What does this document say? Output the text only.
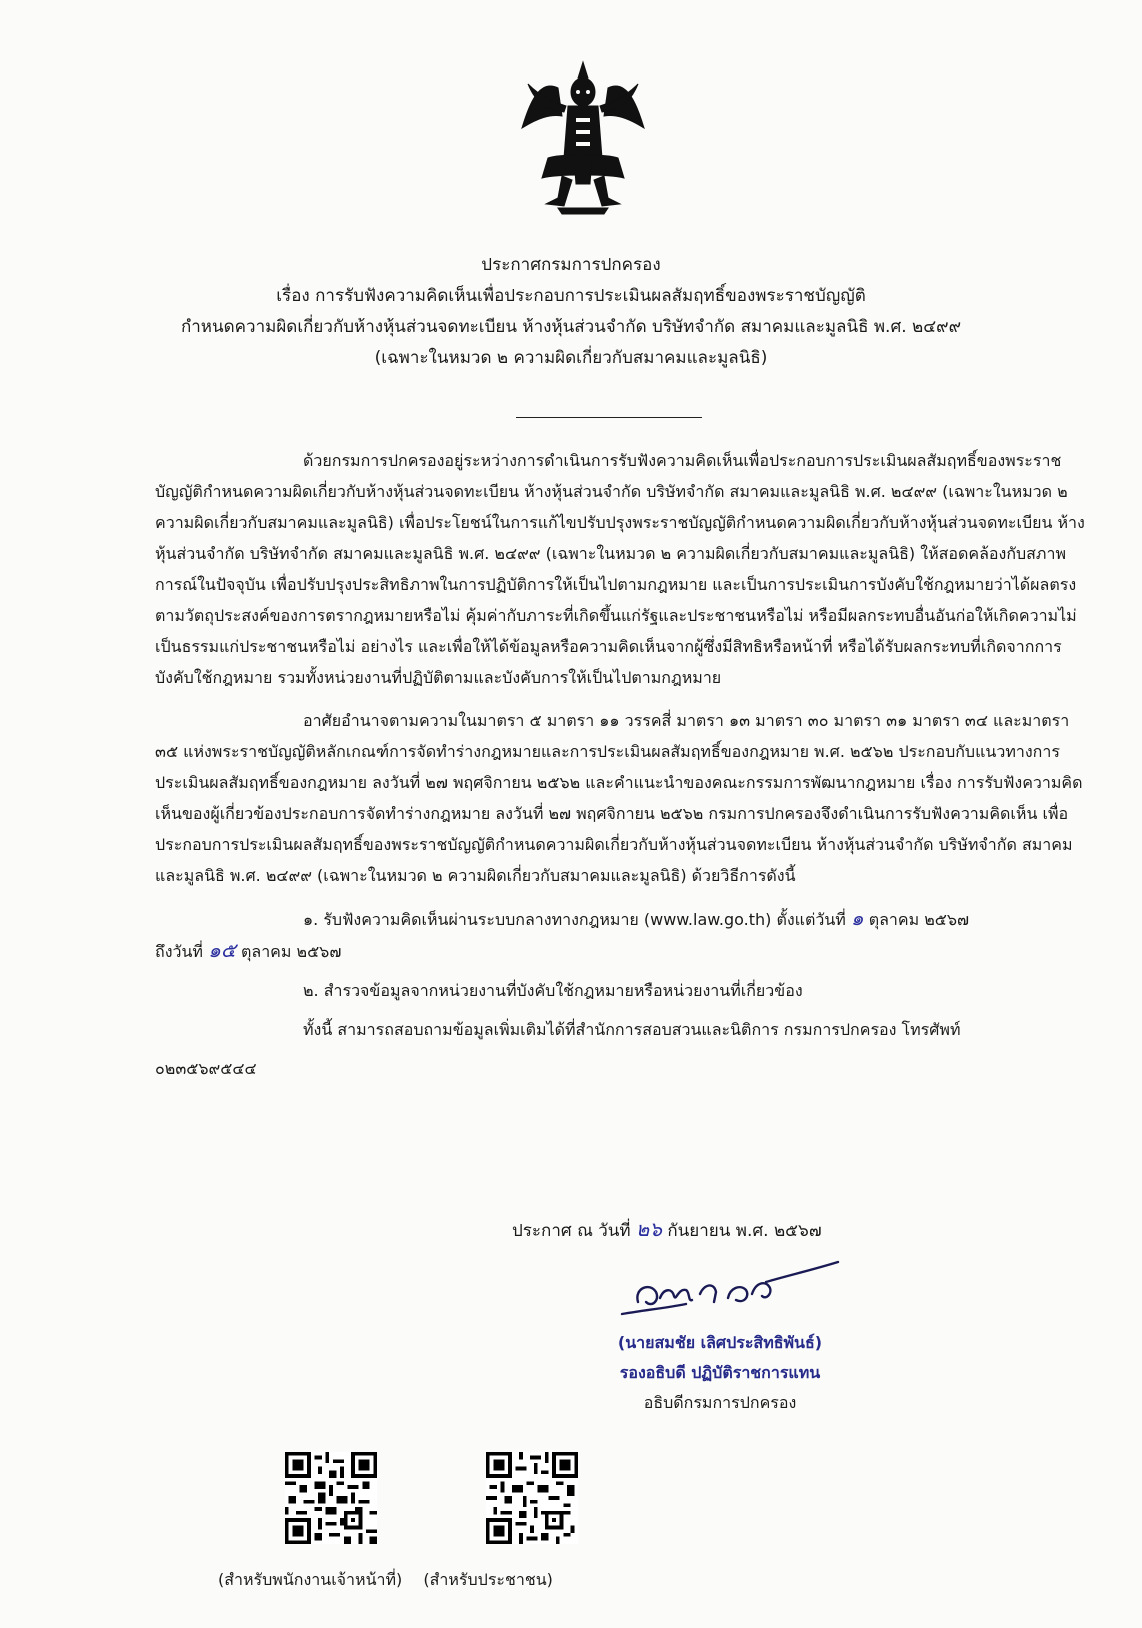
ประกาศกรมการปกครอง
เรื่อง การรับฟังความคิดเห็นเพื่อประกอบการประเมินผลสัมฤทธิ์ของพระราชบัญญัติ
กำหนดความผิดเกี่ยวกับห้างหุ้นส่วนจดทะเบียน ห้างหุ้นส่วนจำกัด บริษัทจำกัด สมาคมและมูลนิธิ พ.ศ. ๒๔๙๙
(เฉพาะในหมวด ๒ ความผิดเกี่ยวกับสมาคมและมูลนิธิ)

ด้วยกรมการปกครองอยู่ระหว่างการดำเนินการรับฟังความคิดเห็นเพื่อประกอบการประเมินผลสัมฤทธิ์ของพระราชบัญญัติกำหนดความผิดเกี่ยวกับห้างหุ้นส่วนจดทะเบียน ห้างหุ้นส่วนจำกัด บริษัทจำกัด สมาคมและมูลนิธิ พ.ศ. ๒๔๙๙ (เฉพาะในหมวด ๒ ความผิดเกี่ยวกับสมาคมและมูลนิธิ) เพื่อประโยชน์ในการแก้ไขปรับปรุงพระราชบัญญัติกำหนดความผิดเกี่ยวกับห้างหุ้นส่วนจดทะเบียน ห้างหุ้นส่วนจำกัด บริษัทจำกัด สมาคมและมูลนิธิ พ.ศ. ๒๔๙๙ (เฉพาะในหมวด ๒ ความผิดเกี่ยวกับสมาคมและมูลนิธิ) ให้สอดคล้องกับสภาพการณ์ในปัจจุบัน เพื่อปรับปรุงประสิทธิภาพในการปฏิบัติการให้เป็นไปตามกฎหมาย และเป็นการประเมินการบังคับใช้กฎหมายว่าได้ผลตรงตามวัตถุประสงค์ของการตรากฎหมายหรือไม่ คุ้มค่ากับภาระที่เกิดขึ้นแก่รัฐและประชาชนหรือไม่ หรือมีผลกระทบอื่นอันก่อให้เกิดความไม่เป็นธรรมแก่ประชาชนหรือไม่ อย่างไร และเพื่อให้ได้ข้อมูลหรือความคิดเห็นจากผู้ซึ่งมีสิทธิหรือหน้าที่ หรือได้รับผลกระทบที่เกิดจากการบังคับใช้กฎหมาย รวมทั้งหน่วยงานที่ปฏิบัติตามและบังคับการให้เป็นไปตามกฎหมาย

อาศัยอำนาจตามความในมาตรา ๕ มาตรา ๑๑ วรรคสี่ มาตรา ๑๓ มาตรา ๓๐ มาตรา ๓๑ มาตรา ๓๔ และมาตรา ๓๕ แห่งพระราชบัญญัติหลักเกณฑ์การจัดทำร่างกฎหมายและการประเมินผลสัมฤทธิ์ของกฎหมาย พ.ศ. ๒๕๖๒ ประกอบกับแนวทางการประเมินผลสัมฤทธิ์ของกฎหมาย ลงวันที่ ๒๗ พฤศจิกายน ๒๕๖๒ และคำแนะนำของคณะกรรมการพัฒนากฎหมาย เรื่อง การรับฟังความคิดเห็นของผู้เกี่ยวข้องประกอบการจัดทำร่างกฎหมาย ลงวันที่ ๒๗ พฤศจิกายน ๒๕๖๒ กรมการปกครองจึงดำเนินการรับฟังความคิดเห็น เพื่อประกอบการประเมินผลสัมฤทธิ์ของพระราชบัญญัติกำหนดความผิดเกี่ยวกับห้างหุ้นส่วนจดทะเบียน ห้างหุ้นส่วนจำกัด บริษัทจำกัด สมาคมและมูลนิธิ พ.ศ. ๒๔๙๙ (เฉพาะในหมวด ๒ ความผิดเกี่ยวกับสมาคมและมูลนิธิ) ด้วยวิธีการดังนี้

๑. รับฟังความคิดเห็นผ่านระบบกลางทางกฎหมาย (www.law.go.th) ตั้งแต่วันที่ ๑ ตุลาคม ๒๕๖๗

ถึงวันที่ ๑๕ ตุลาคม ๒๕๖๗

๒. สำรวจข้อมูลจากหน่วยงานที่บังคับใช้กฎหมายหรือหน่วยงานที่เกี่ยวข้อง

ทั้งนี้ สามารถสอบถามข้อมูลเพิ่มเติมได้ที่สำนักการสอบสวนและนิติการ กรมการปกครอง โทรศัพท์

๐๒๓๕๖๙๕๔๔

ประกาศ ณ วันที่ ๒๖ กันยายน พ.ศ. ๒๕๖๗
(นายสมชัย เลิศประสิทธิพันธ์)
รองอธิบดี ปฏิบัติราชการแทน
อธิบดีกรมการปกครอง
(สำหรับพนักงานเจ้าหน้าที่) (สำหรับประชาชน)
